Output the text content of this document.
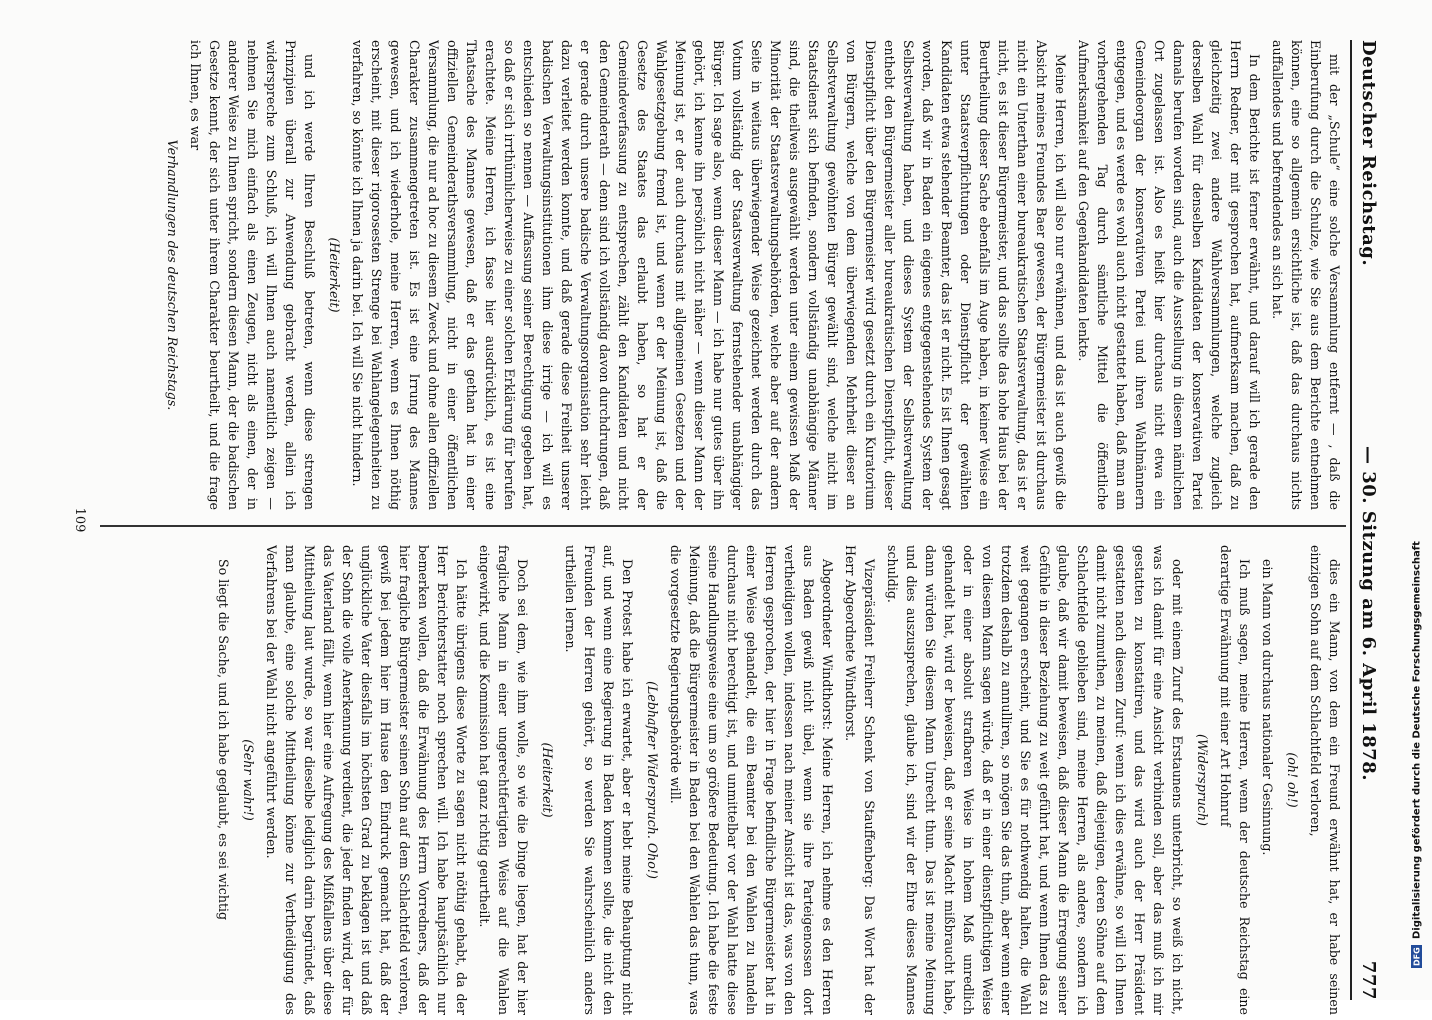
Deutscher Reichstag.
— 30. Sitzung am 6. April 1878.
777

mit der „Schule“ eine solche Versammlung entfernt — , daß die Einberufung durch die Schulze, wie Sie aus dem Berichte entnehmen können, eine so allgemein ersichtliche ist, daß das durchaus nichts auffallendes und befremdendes an sich hat.

In dem Berichte ist ferner erwähnt, und darauf will ich gerade den Herrn Redner, der mit gesprochen hat, aufmerksam machen, daß zu gleichzeitig zwei andere Wahlversammlungen, welche zugleich derselben Wahl für denselben Kandidaten der konservativen Partei damals berufen worden sind, auch die Ausstellung in diesem nämlichen Ort zugelassen ist. Also es heißt hier durchaus nicht etwa ein Gemeindeorgan der konservativen Partei und ihren Wahlmännern entgegen, und es werde es wohl auch nicht gestattet haben, daß man am vorhergehenden Tag durch sämtliche Mittel die öffentliche Aufmerksamkeit auf den Gegenkandidaten lenkte.

Meine Herren, ich will also nur erwähnen, und das ist auch gewiß die Absicht meines Freundes Baer gewesen, der Bürgermeister ist durchaus nicht ein Unterthan einer bureaukratischen Staatsverwaltung, das ist er nicht, es ist dieser Bürgermeister, und das sollte das hohe Haus bei der Beurtheilung dieser Sache ebenfalls im Auge haben, in keiner Weise ein unter Staatsverpflichtungen oder Dienstpflicht der gewählten Kandidaten etwa stehender Beamter, das ist er nicht. Es ist Ihnen gesagt worden, daß wir in Baden ein eigenes entgegenstehendes System der Selbstverwaltung haben, und dieses System der Selbstverwaltung enthebt den Bürgermeister aller bureaukratischen Dienstpflicht, dieser Dienstpflicht über den Bürgermeister wird gesetzt durch ein Kuratorium von Bürgern, welche von dem überwiegenden Mehrheit dieser an Selbstverwaltung gewöhnten Bürger gewählt sind, welche nicht im Staatsdienst sich befinden, sondern vollständig unabhängige Männer sind, die theilweis ausgewählt werden unter einem gewissen Maß der Minorität der Staatsverwaltungsbehörden, welche aber auf der andern Seite in weitaus überwiegender Weise gezeichnet werden durch das Votum vollständig der Staatsverwaltung fernstehender unabhängiger Bürger. Ich sage also, wenn dieser Mann — ich habe nur gutes über ihn gehört, ich kenne ihn persönlich nicht näher — wenn dieser Mann der Meinung ist, er der auch durchaus mit allgemeinen Gesetzen und der Wahlgesetzgebung fremd ist, und wenn er der Meinung ist, daß die Gesetze des Staates das erlaubt haben, so hat er der Gemeindeverfassung zu entsprechen, zählt den Kandidaten und nicht den Gemeinderath — denn sind ich vollständig davon durchdrungen, daß er gerade durch unsere badische Verwaltungsorganisation sehr leicht dazu verleitet werden konnte, und daß gerade diese Freiheit unserer badischen Verwaltungsinstitutionen ihm diese irrige — ich will es entschieden so nennen — Auffassung seiner Berechtigung gegeben hat, so daß er sich irrthümlicherweise zu einer solchen Erklärung für berufen erachtete. Meine Herren, ich fasse hier ausdrücklich, es ist eine Thatsache des Mannes gewesen, daß er das gethan hat in einer offiziellen Gemeinderathsversammlung, nicht in einer öffentlichen Versammlung, die nur ad hoc zu diesem Zweck und ohne allen offiziellen Charakter zusammengetreten ist. Es ist eine Irrung des Mannes gewesen, und ich wiederhole, meine Herren, wenn es Ihnen nöthig erscheint, mit dieser rigorosesten Strenge bei Wahlangelegenheiten zu verfahren, so könnte ich Ihnen ja darin bei. Ich will Sie nicht hindern.

(Heiterkeit)

und ich werde Ihren Beschluß betreten, wenn diese strengen Prinzipien überall zur Anwendung gebracht werden, allein ich widerspreche zum Schluß, ich will Ihnen auch namentlich zeigen — nehmen Sie mich einfach als einen Zeugen, nicht als einen, der in anderer Weise zu Ihnen spricht, sondern diesen Mann, der die badischen Gesetze kennt, der sich unter ihrem Charakter beurtheilt, und die frage ich Ihnen, es war

Verhandlungen des deutschen Reichstags.

dies ein Mann, von dem ein Freund erwähnt hat, er habe seinen einzigen Sohn auf dem Schlachtfeld verloren,

(oh! oh!)

ein Mann von durchaus nationaler Gesinnung.

Ich muß sagen, meine Herren, wenn der deutsche Reichstag eine derartige Erwähnung mit einer Art Hohnruf

(Widerspruch)

oder mit einem Zuruf des Erstaunens unterbricht, so weiß ich nicht, was ich damit für eine Ansicht verbinden soll, aber das muß ich mir gestatten zu konstatiren, und das wird auch der Herr Präsident gestatten nach diesem Zuruf: wenn ich dies erwähne, so will ich Ihnen damit nicht zumuthen, zu meinen, daß diejenigen, deren Söhne auf dem Schlachtfelde geblieben sind, meine Herren, als andere, sondern ich glaube, daß wir damit beweisen, daß dieser Mann die Erregung seiner Gefühle in dieser Beziehung zu weit geführt hat, und wenn Ihnen das zu weit gegangen erscheint, und Sie es für nothwendig halten, die Wahl trotzdem deshalb zu annulliren, so mögen Sie das thun, aber wenn einer von diesem Mann sagen würde, daß er in einer dienstpflichtigen Weise oder in einer absolut strafbaren Weise in hohem Maß unredlich gehandelt hat, wird er beweisen, daß er seine Macht mißbraucht habe, dann würden Sie diesem Mann Unrecht thun. Das ist meine Meinung und dies auszusprechen, glaube ich, sind wir der Ehre dieses Mannes schuldig.

Vizepräsident Freiherr Schenk von Stauffenberg: Das Wort hat der Herr Abgeordnete Windthorst.

Abgeordneter Windthorst: Meine Herren, ich nehme es den Herren aus Baden gewiß nicht übel, wenn sie ihre Parteigenossen dort vertheidigen wollen, indessen nach meiner Ansicht ist das, was von den Herren gesprochen, der hier in Frage befindliche Bürgermeister hat in einer Weise gehandelt, die ein Beamter bei den Wahlen zu handeln durchaus nicht berechtigt ist, und unmittelbar vor der Wahl hatte diese seine Handlungsweise eine um so größere Bedeutung. Ich habe die feste Meinung, daß die Bürgermeister in Baden bei den Wahlen das thun, was die vorgesetzte Regierungsbehörde will.

(Lebhafter Widerspruch. Oho!)

Den Protest habe ich erwartet, aber er hebt meine Behauptung nicht auf, und wenn eine Regierung in Baden kommen sollte, die nicht den Freunden der Herren gehört, so werden Sie wahrscheinlich anders urtheilen lernen.

(Heiterkeit)

Doch sei dem, wie ihm wolle, so wie die Dinge liegen, hat der hier fragliche Mann in einer ungerechtfertigten Weise auf die Wahlen eingewirkt, und die Kommission hat ganz richtig geurtheilt.

Ich hätte übrigens diese Worte zu sagen nicht nöthig gehabt, da der Herr Berichterstatter noch sprechen will. Ich habe hauptsächlich nur bemerken wollen, daß die Erwähnung des Herrn Vorredners, daß der hier fragliche Bürgermeister seinen Sohn auf dem Schlachtfeld verloren, gewiß bei jedem hier im Hause den Eindruck gemacht hat, daß der unglückliche Vater diesfalls im höchsten Grad zu beklagen ist und daß der Sohn die volle Anerkennung verdient, die jeder finden wird, der für das Vaterland fällt, wenn hier eine Aufregung des Mißfallens über diese Mittheilung laut wurde, so war dieselbe lediglich darin begründet, daß man glaubte, eine solche Mittheilung könne zur Vertheidigung des Verfahrens bei der Wahl nicht angeführt werden.

(Sehr wahr!)

So liegt die Sache, und ich habe geglaubt, es sei wichtig

109
DFG
Digitalisierung gefördert durch die Deutsche Forschungsgemeinschaft
